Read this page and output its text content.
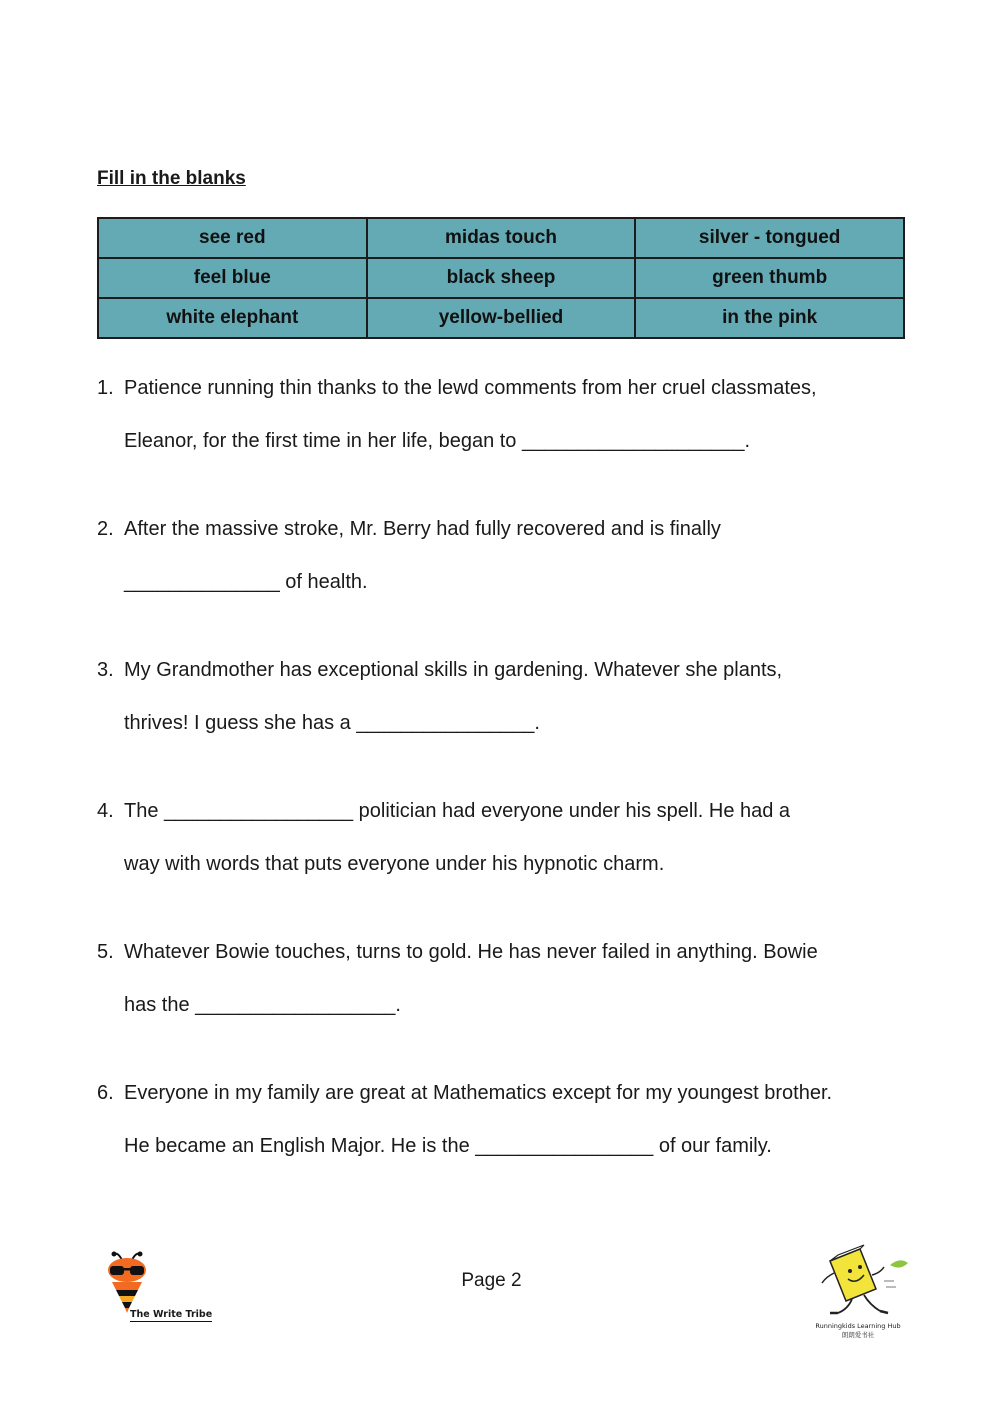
Fill in the blanks
see red	midas touch	silver - tongued
feel blue	black sheep	green thumb
white elephant	yellow-bellied	in the pink
1. Patience running thin thanks to the lewd comments from her cruel classmates,
Eleanor, for the first time in her life, began to ____________________.
2. After the massive stroke, Mr. Berry had fully recovered and is finally
______________ of health.
3. My Grandmother has exceptional skills in gardening. Whatever she plants,
thrives! I guess she has a ________________.
4. The _________________ politician had everyone under his spell. He had a
way with words that puts everyone under his hypnotic charm.
5. Whatever Bowie touches, turns to gold. He has never failed in anything. Bowie
has the __________________.
6. Everyone in my family are great at Mathematics except for my youngest brother.
He became an English Major. He is the ________________ of our family.
The Write Tribe
Page 2
Runningkids Learning Hub
朗朗爱书社
